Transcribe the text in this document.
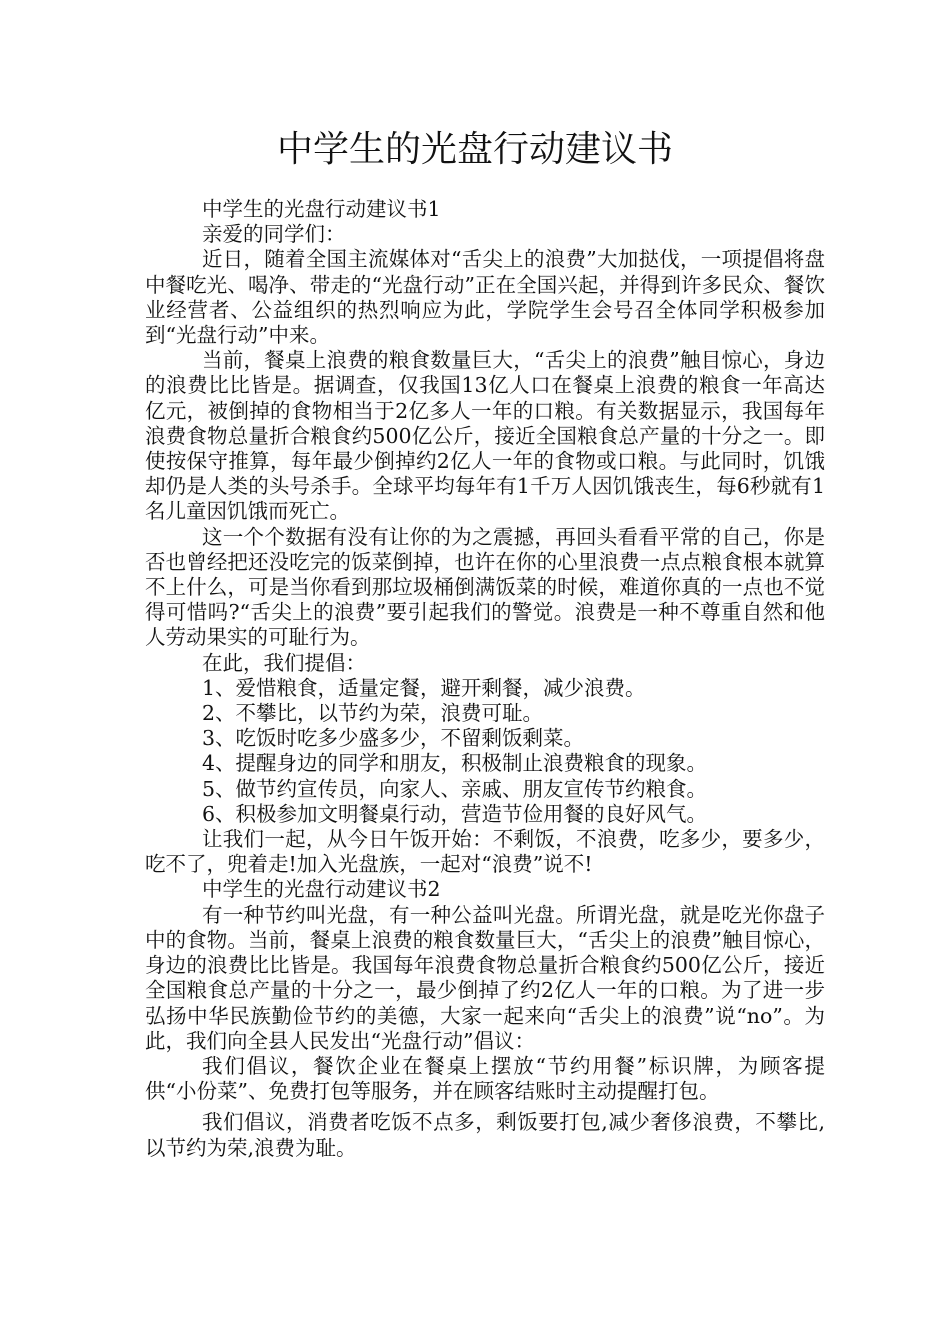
中学生的光盘行动建议书

中学生的光盘行动建议书1

亲爱的同学们：

近日，随着全国主流媒体对“舌尖上的浪费”大加挞伐，一项提倡将盘中餐吃光、喝净、带走的“光盘行动”正在全国兴起，并得到许多民众、餐饮业经营者、公益组织的热烈响应为此，学院学生会号召全体同学积极参加到“光盘行动”中来。

当前，餐桌上浪费的粮食数量巨大，“舌尖上的浪费”触目惊心，身边的浪费比比皆是。据调查，仅我国13亿人口在餐桌上浪费的粮食一年高达亿元，被倒掉的食物相当于2亿多人一年的口粮。有关数据显示，我国每年浪费食物总量折合粮食约500亿公斤，接近全国粮食总产量的十分之一。即使按保守推算，每年最少倒掉约2亿人一年的食物或口粮。与此同时，饥饿却仍是人类的头号杀手。全球平均每年有1千万人因饥饿丧生，每6秒就有1名儿童因饥饿而死亡。

这一个个数据有没有让你的为之震撼，再回头看看平常的自己，你是否也曾经把还没吃完的饭菜倒掉，也许在你的心里浪费一点点粮食根本就算不上什么，可是当你看到那垃圾桶倒满饭菜的时候，难道你真的一点也不觉得可惜吗?“舌尖上的浪费”要引起我们的警觉。浪费是一种不尊重自然和他人劳动果实的可耻行为。

在此，我们提倡：

1、爱惜粮食，适量定餐，避开剩餐，减少浪费。

2、不攀比，以节约为荣，浪费可耻。

3、吃饭时吃多少盛多少，不留剩饭剩菜。

4、提醒身边的同学和朋友，积极制止浪费粮食的现象。

5、做节约宣传员，向家人、亲戚、朋友宣传节约粮食。

6、积极参加文明餐桌行动，营造节俭用餐的良好风气。

让我们一起，从今日午饭开始：不剩饭，不浪费，吃多少，要多少，吃不了，兜着走!加入光盘族，一起对“浪费”说不!

中学生的光盘行动建议书2

有一种节约叫光盘，有一种公益叫光盘。所谓光盘，就是吃光你盘子中的食物。当前，餐桌上浪费的粮食数量巨大，“舌尖上的浪费”触目惊心，身边的浪费比比皆是。我国每年浪费食物总量折合粮食约500亿公斤，接近全国粮食总产量的十分之一，最少倒掉了约2亿人一年的口粮。为了进一步弘扬中华民族勤俭节约的美德，大家一起来向“舌尖上的浪费”说“no”。为此，我们向全县人民发出“光盘行动”倡议：

我们倡议，餐饮企业在餐桌上摆放“节约用餐”标识牌，为顾客提供“小份菜”、免费打包等服务，并在顾客结账时主动提醒打包。

我们倡议，消费者吃饭不点多，剩饭要打包,减少奢侈浪费，不攀比,以节约为荣,浪费为耻。
